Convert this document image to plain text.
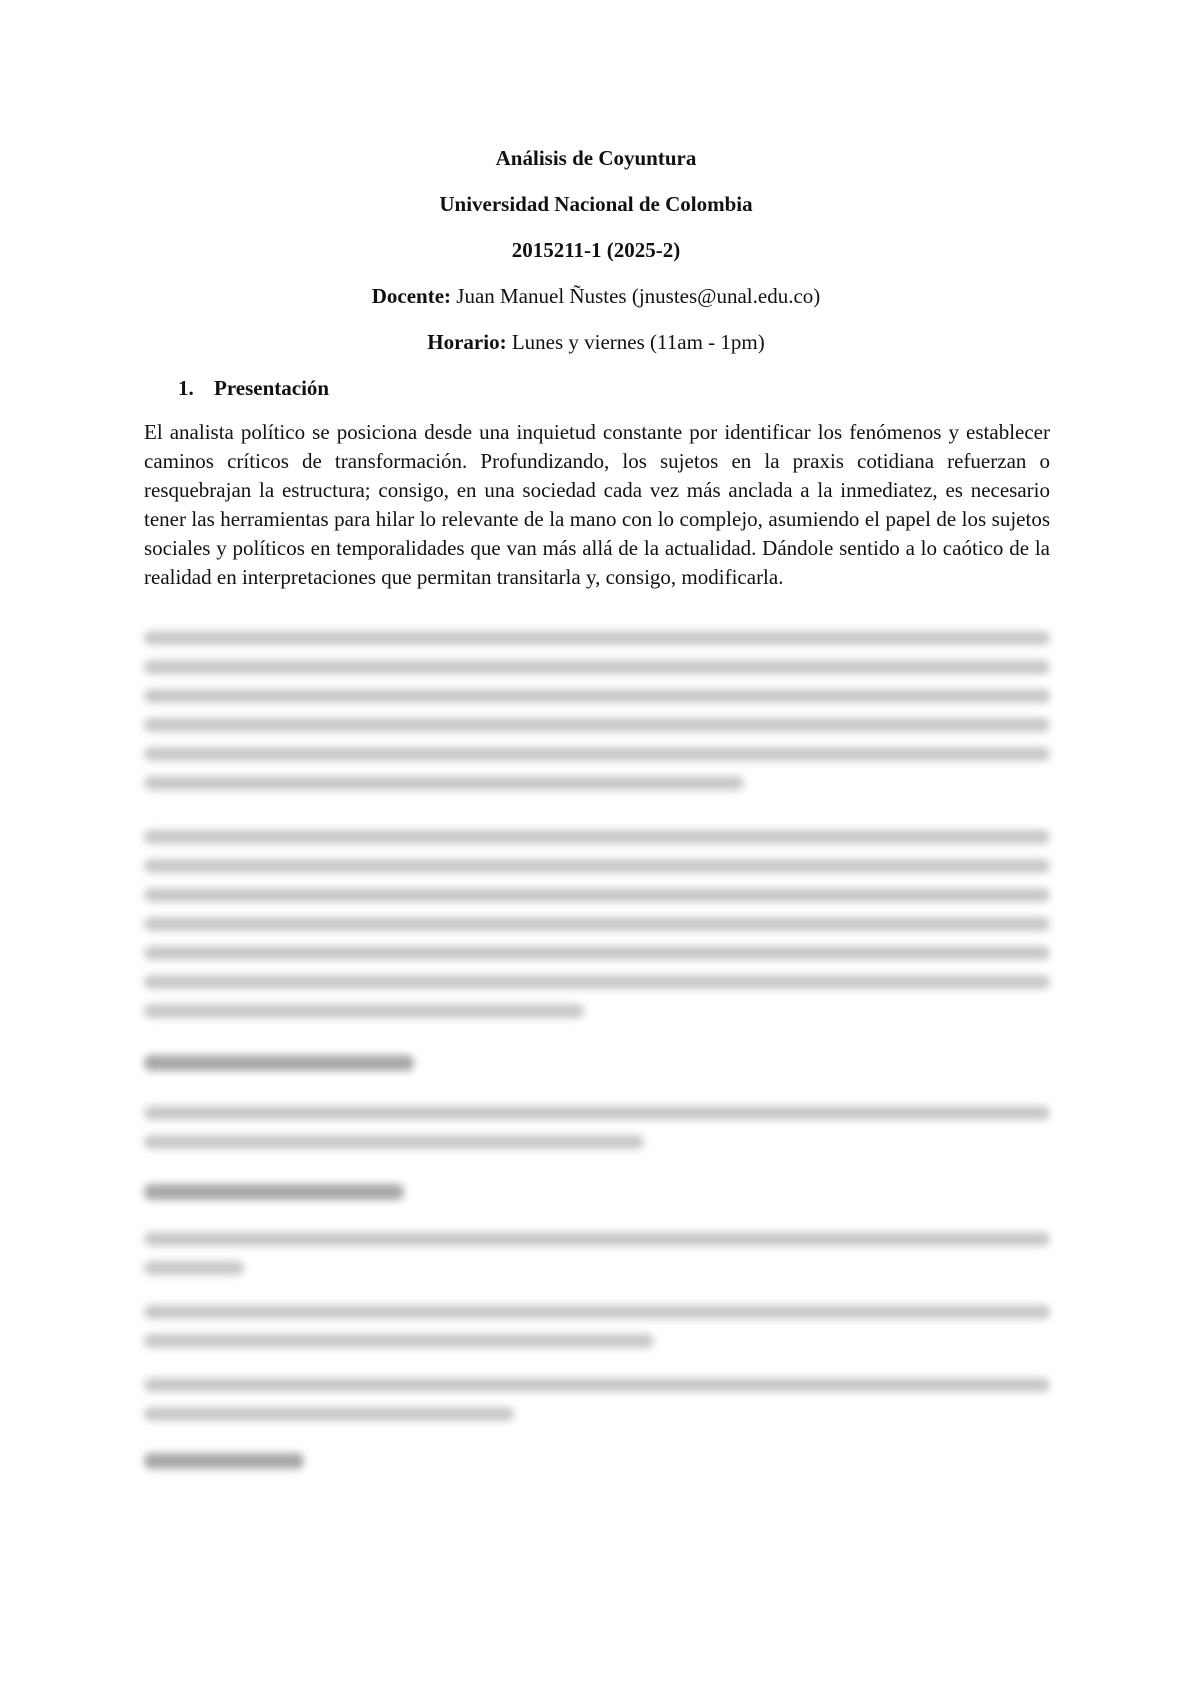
Análisis de Coyuntura
Universidad Nacional de Colombia
2015211-1 (2025-2)
Docente: Juan Manuel Ñustes (jnustes@unal.edu.co)
Horario: Lunes y viernes (11am - 1pm)
1. Presentación

El analista político se posiciona desde una inquietud constante por identificar los fenómenos y establecer caminos críticos de transformación. Profundizando, los sujetos en la praxis cotidiana refuerzan o resquebrajan la estructura; consigo, en una sociedad cada vez más anclada a la inmediatez, es necesario tener las herramientas para hilar lo relevante de la mano con lo complejo, asumiendo el papel de los sujetos sociales y políticos en temporalidades que van más allá de la actualidad. Dándole sentido a lo caótico de la realidad en interpretaciones que permitan transitarla y, consigo, modificarla.
